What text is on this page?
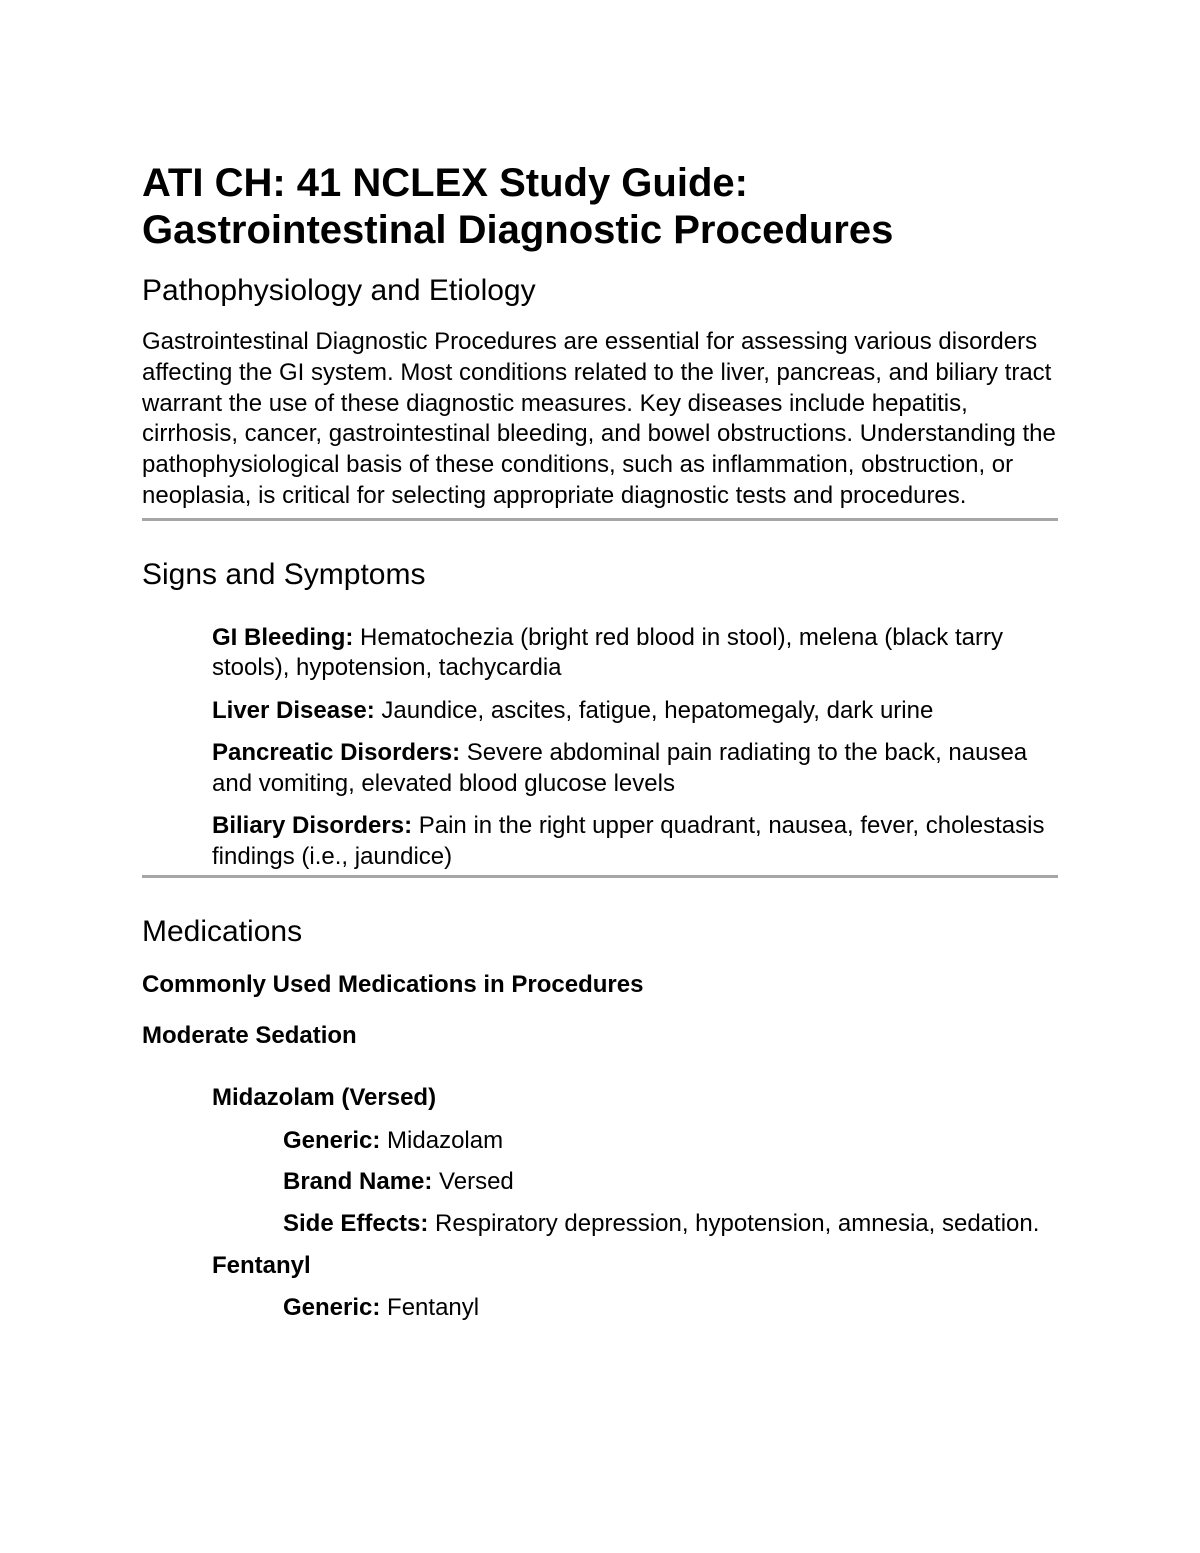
ATI CH: 41 NCLEX Study Guide:
Gastrointestinal Diagnostic Procedures
Pathophysiology and Etiology

Gastrointestinal Diagnostic Procedures are essential for assessing various disorders affecting the GI system. Most conditions related to the liver, pancreas, and biliary tract warrant the use of these diagnostic measures. Key diseases include hepatitis, cirrhosis, cancer, gastrointestinal bleeding, and bowel obstructions. Understanding the pathophysiological basis of these conditions, such as inflammation, obstruction, or neoplasia, is critical for selecting appropriate diagnostic tests and procedures.

Signs and Symptoms

GI Bleeding: Hematochezia (bright red blood in stool), melena (black tarry stools), hypotension, tachycardia

Liver Disease: Jaundice, ascites, fatigue, hepatomegaly, dark urine

Pancreatic Disorders: Severe abdominal pain radiating to the back, nausea and vomiting, elevated blood glucose levels

Biliary Disorders: Pain in the right upper quadrant, nausea, fever, cholestasis findings (i.e., jaundice)

Medications

Commonly Used Medications in Procedures

Moderate Sedation

Midazolam (Versed)

Generic: Midazolam

Brand Name: Versed

Side Effects: Respiratory depression, hypotension, amnesia, sedation.

Fentanyl

Generic: Fentanyl
